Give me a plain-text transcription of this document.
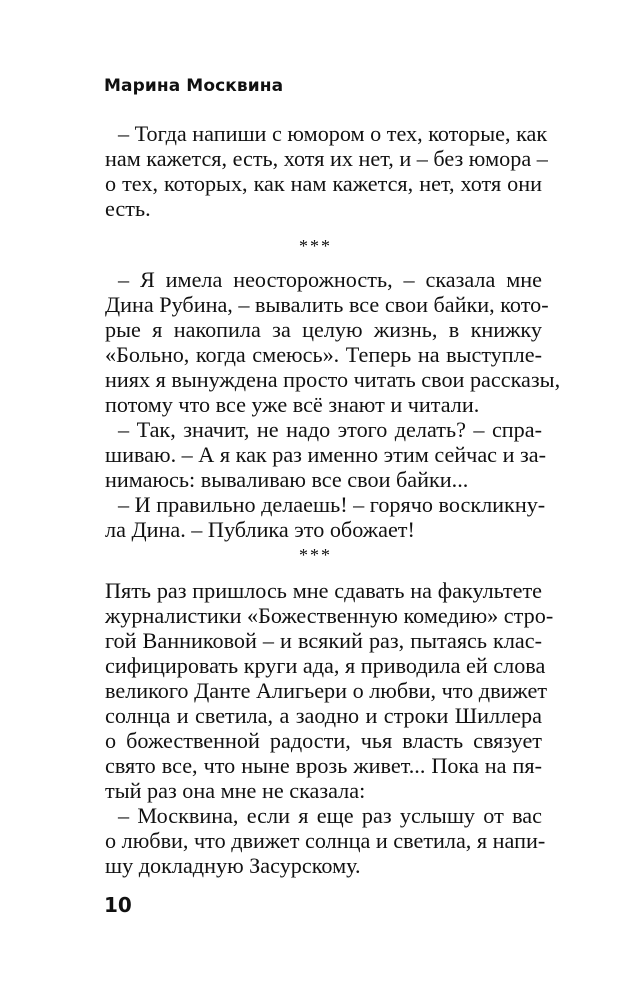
Марина Москвина
– Тогда напиши с юмором о тех, которые, как
нам кажется, есть, хотя их нет, и – без юмора –
о тех, которых, как нам кажется, нет, хотя они
есть.
***
– Я имела неосторожность, – сказала мне
Дина Рубина, – вывалить все свои байки, кото-
рые я накопила за целую жизнь, в книжку
«Больно, когда смеюсь». Теперь на выступле-
ниях я вынуждена просто читать свои рассказы,
потому что все уже всё знают и читали.
– Так, значит, не надо этого делать? – спра-
шиваю. – А я как раз именно этим сейчас и за-
нимаюсь: вываливаю все свои байки...
– И правильно делаешь! – горячо воскликну-
ла Дина. – Публика это обожает!
***
Пять раз пришлось мне сдавать на факультете
журналистики «Божественную комедию» стро-
гой Ванниковой – и всякий раз, пытаясь клас-
сифицировать круги ада, я приводила ей слова
великого Данте Алигьери о любви, что движет
солнца и светила, а заодно и строки Шиллера
о божественной радости, чья власть связует
свято все, что ныне врозь живет... Пока на пя-
тый раз она мне не сказала:
– Москвина, если я еще раз услышу от вас
о любви, что движет солнца и светила, я напи-
шу докладную Засурскому.
10
